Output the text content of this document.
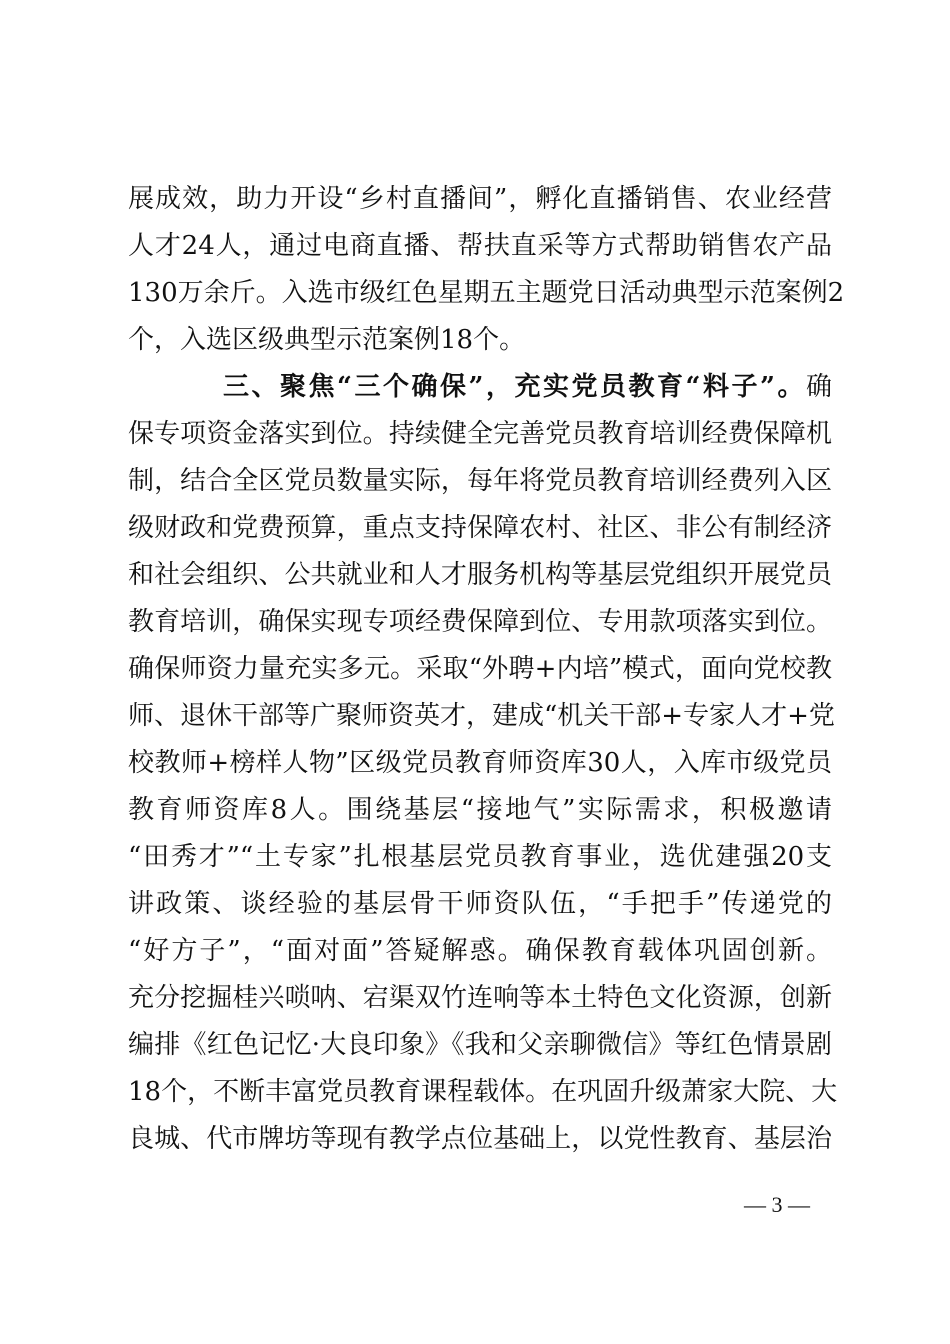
展成效，助力开设“乡村直播间”，孵化直播销售、农业经营
人才24人，通过电商直播、帮扶直采等方式帮助销售农产品
130万余斤。入选市级红色星期五主题党日活动典型示范案例2
个，入选区级典型示范案例18个。
三、聚焦“三个确保”，充实党员教育“料子”。确
保专项资金落实到位。持续健全完善党员教育培训经费保障机
制，结合全区党员数量实际，每年将党员教育培训经费列入区
级财政和党费预算，重点支持保障农村、社区、非公有制经济
和社会组织、公共就业和人才服务机构等基层党组织开展党员
教育培训，确保实现专项经费保障到位、专用款项落实到位。
确保师资力量充实多元。采取“外聘+内培”模式，面向党校教
师、退休干部等广聚师资英才，建成“机关干部+专家人才+党
校教师+榜样人物”区级党员教育师资库30人，入库市级党员
教育师资库8人。围绕基层“接地气”实际需求，积极邀请
“田秀才”“土专家”扎根基层党员教育事业，选优建强20支
讲政策、谈经验的基层骨干师资队伍，“手把手”传递党的
“好方子”，“面对面”答疑解惑。确保教育载体巩固创新。
充分挖掘桂兴唢呐、宕渠双竹连响等本土特色文化资源，创新
编排《红色记忆·大良印象》《我和父亲聊微信》等红色情景剧
18个，不断丰富党员教育课程载体。在巩固升级萧家大院、大
良城、代市牌坊等现有教学点位基础上，以党性教育、基层治
— 3 —
